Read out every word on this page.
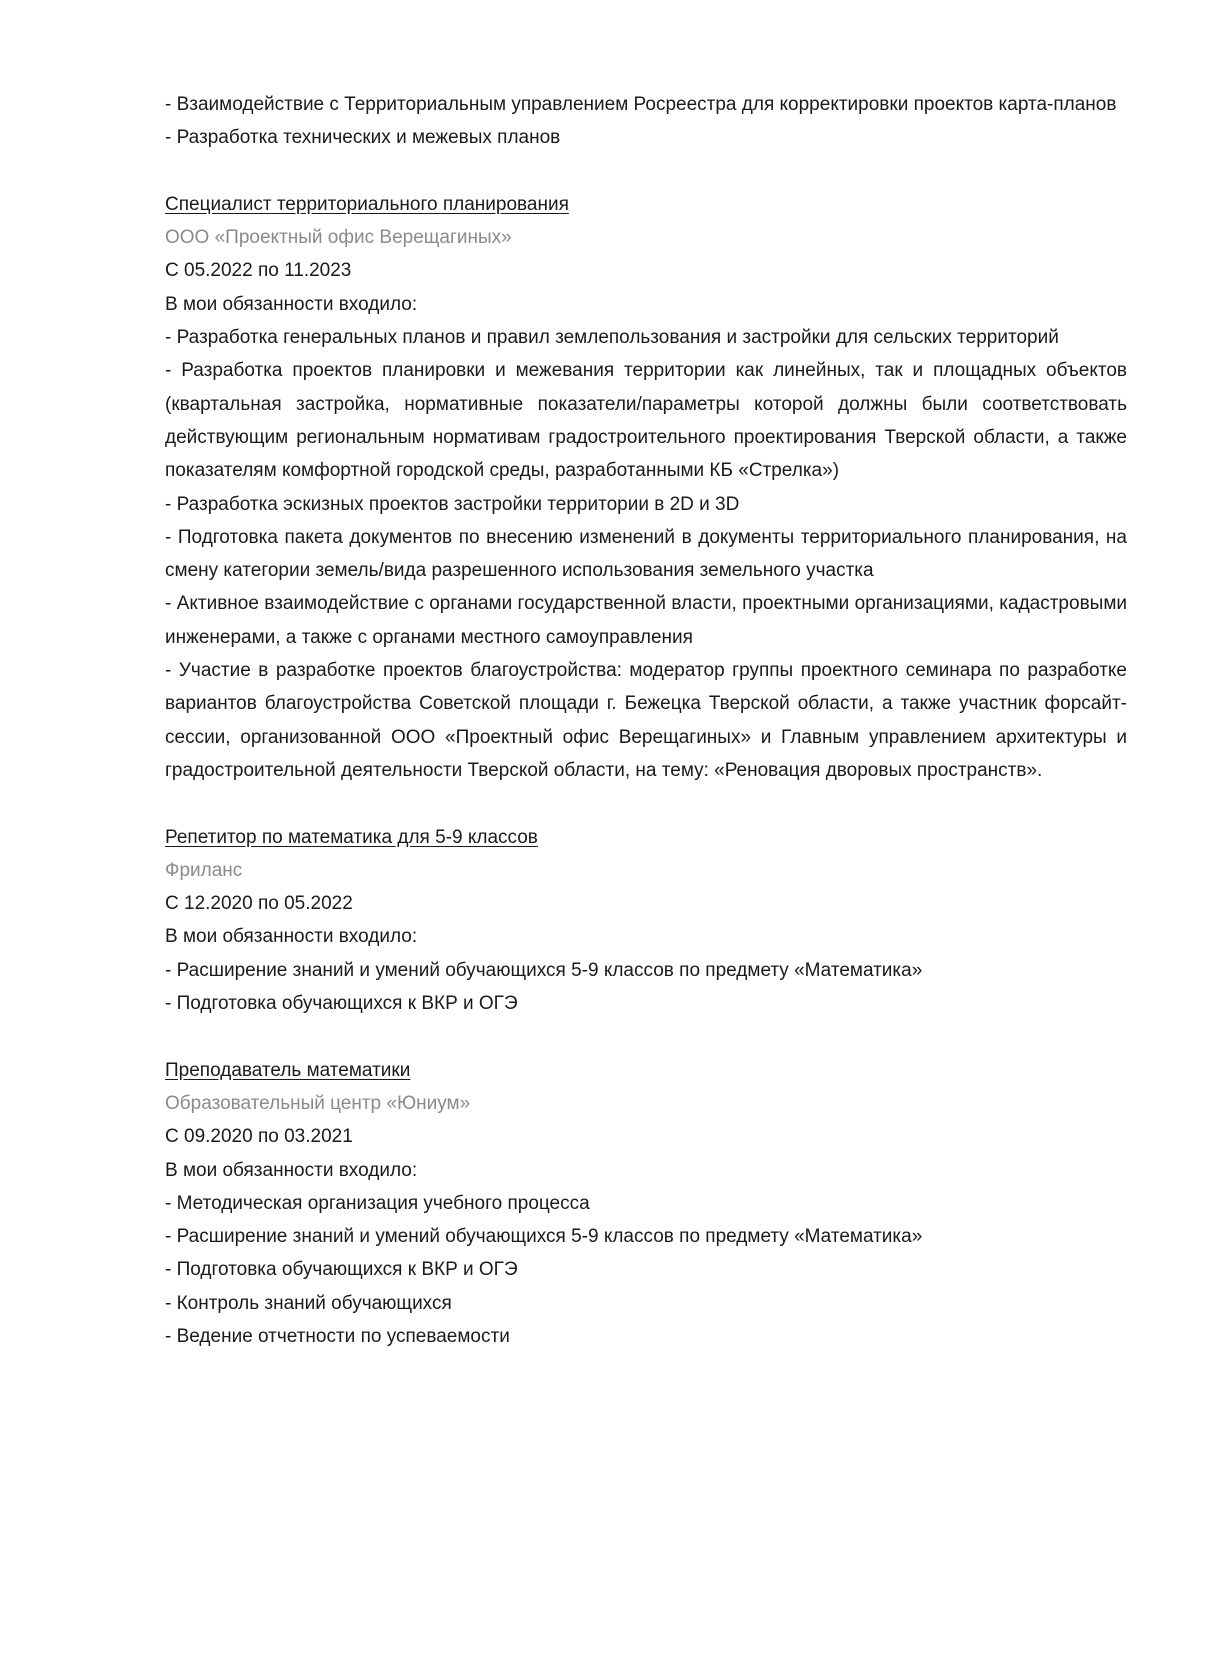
- Взаимодействие с Территориальным управлением Росреестра для корректировки проектов карта-планов
- Разработка технических и межевых планов
Специалист территориального планирования
ООО «Проектный офис Верещагиных»
С 05.2022 по 11.2023
В мои обязанности входило:
- Разработка генеральных планов и правил землепользования и застройки для сельских территорий
- Разработка проектов планировки и межевания территории как линейных, так и площадных объектов (квартальная застройка, нормативные показатели/параметры которой должны были соответствовать действующим региональным нормативам градостроительного проектирования Тверской области, а также показателям комфортной городской среды, разработанными КБ «Стрелка»)
- Разработка эскизных проектов застройки территории в 2D и 3D
- Подготовка пакета документов по внесению изменений в документы территориального планирования, на смену категории земель/вида разрешенного использования земельного участка
- Активное взаимодействие с органами государственной власти, проектными организациями, кадастровыми инженерами, а также с органами местного самоуправления
- Участие в разработке проектов благоустройства: модератор группы проектного семинара по разработке вариантов благоустройства Советской площади г. Бежецка Тверской области, а также участник форсайт-сессии, организованной ООО «Проектный офис Верещагиных» и Главным управлением архитектуры и градостроительной деятельности Тверской области, на тему: «Реновация дворовых пространств».
Репетитор по математика для 5-9 классов
Фриланс
С 12.2020 по 05.2022
В мои обязанности входило:
- Расширение знаний и умений обучающихся 5-9 классов по предмету «Математика»
- Подготовка обучающихся к ВКР и ОГЭ
Преподаватель математики
Образовательный центр «Юниум»
С 09.2020 по 03.2021
В мои обязанности входило:
- Методическая организация учебного процесса
- Расширение знаний и умений обучающихся 5-9 классов по предмету «Математика»
- Подготовка обучающихся к ВКР и ОГЭ
- Контроль знаний обучающихся
- Ведение отчетности по успеваемости
